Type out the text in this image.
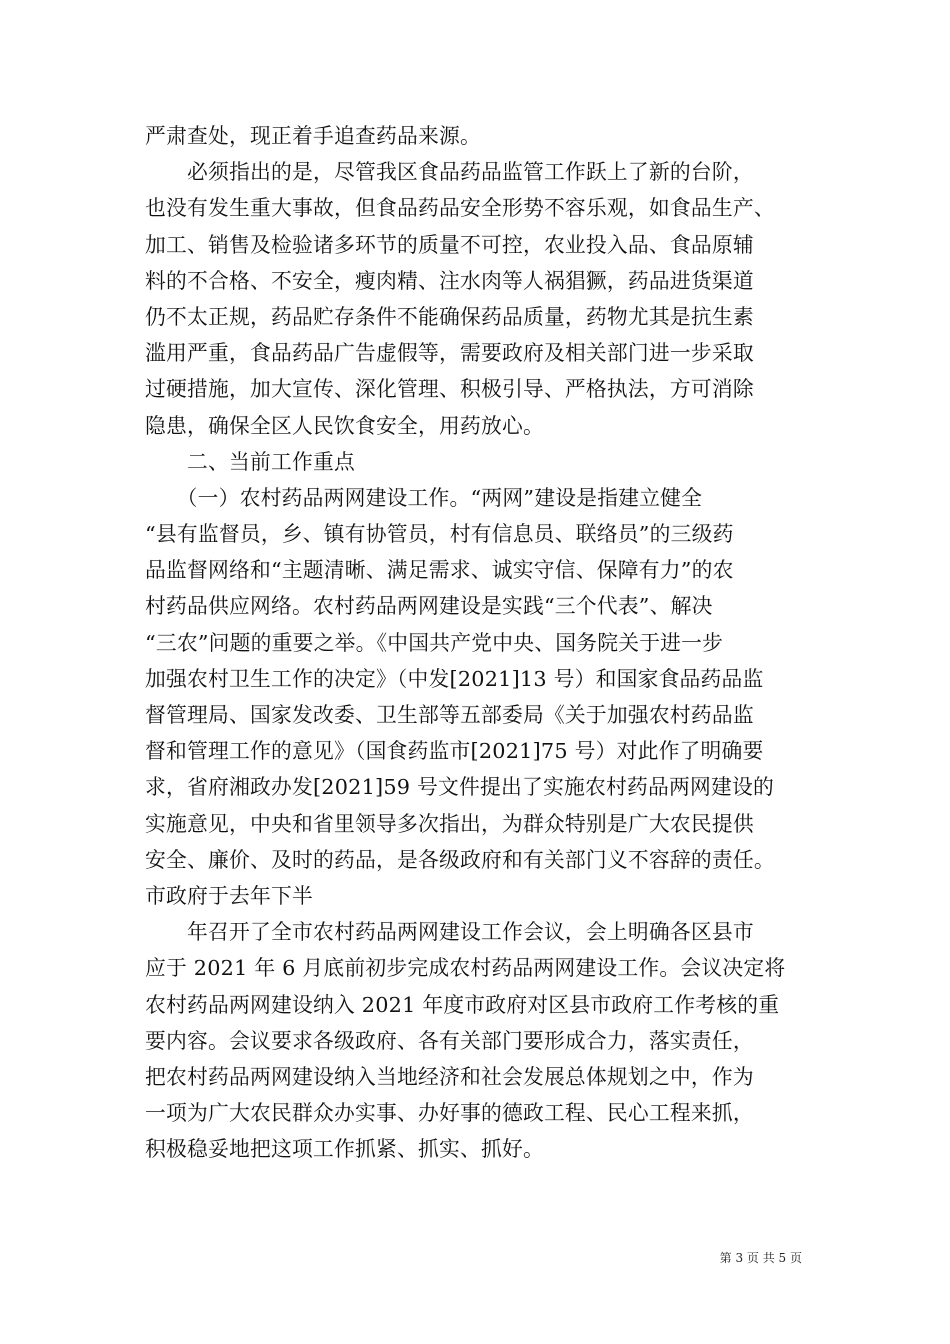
严肃查处，现正着手追查药品来源。
　　必须指出的是，尽管我区食品药品监管工作跃上了新的台阶，
也没有发生重大事故，但食品药品安全形势不容乐观，如食品生产、
加工、销售及检验诸多环节的质量不可控，农业投入品、食品原辅
料的不合格、不安全，瘦肉精、注水肉等人祸猖獗，药品进货渠道
仍不太正规，药品贮存条件不能确保药品质量，药物尤其是抗生素
滥用严重，食品药品广告虚假等，需要政府及相关部门进一步采取
过硬措施，加大宣传、深化管理、积极引导、严格执法，方可消除
隐患，确保全区人民饮食安全，用药放心。
　　二、当前工作重点
　　（一）农村药品两网建设工作。“两网”建设是指建立健全
“县有监督员，乡、镇有协管员，村有信息员、联络员”的三级药
品监督网络和“主题清晰、满足需求、诚实守信、保障有力”的农
村药品供应网络。农村药品两网建设是实践“三个代表”、解决
“三农”问题的重要之举。《中国共产党中央、国务院关于进一步
加强农村卫生工作的决定》（中发[2021]13 号）和国家食品药品监
督管理局、国家发改委、卫生部等五部委局《关于加强农村药品监
督和管理工作的意见》（国食药监市[2021]75 号）对此作了明确要
求，省府湘政办发[2021]59 号文件提出了实施农村药品两网建设的
实施意见，中央和省里领导多次指出，为群众特别是广大农民提供
安全、廉价、及时的药品，是各级政府和有关部门义不容辞的责任。
市政府于去年下半
　　年召开了全市农村药品两网建设工作会议，会上明确各区县市
应于 2021 年 6 月底前初步完成农村药品两网建设工作。会议决定将
农村药品两网建设纳入 2021 年度市政府对区县市政府工作考核的重
要内容。会议要求各级政府、各有关部门要形成合力，落实责任，
把农村药品两网建设纳入当地经济和社会发展总体规划之中，作为
一项为广大农民群众办实事、办好事的德政工程、民心工程来抓，
积极稳妥地把这项工作抓紧、抓实、抓好。
第 3 页 共 5 页
